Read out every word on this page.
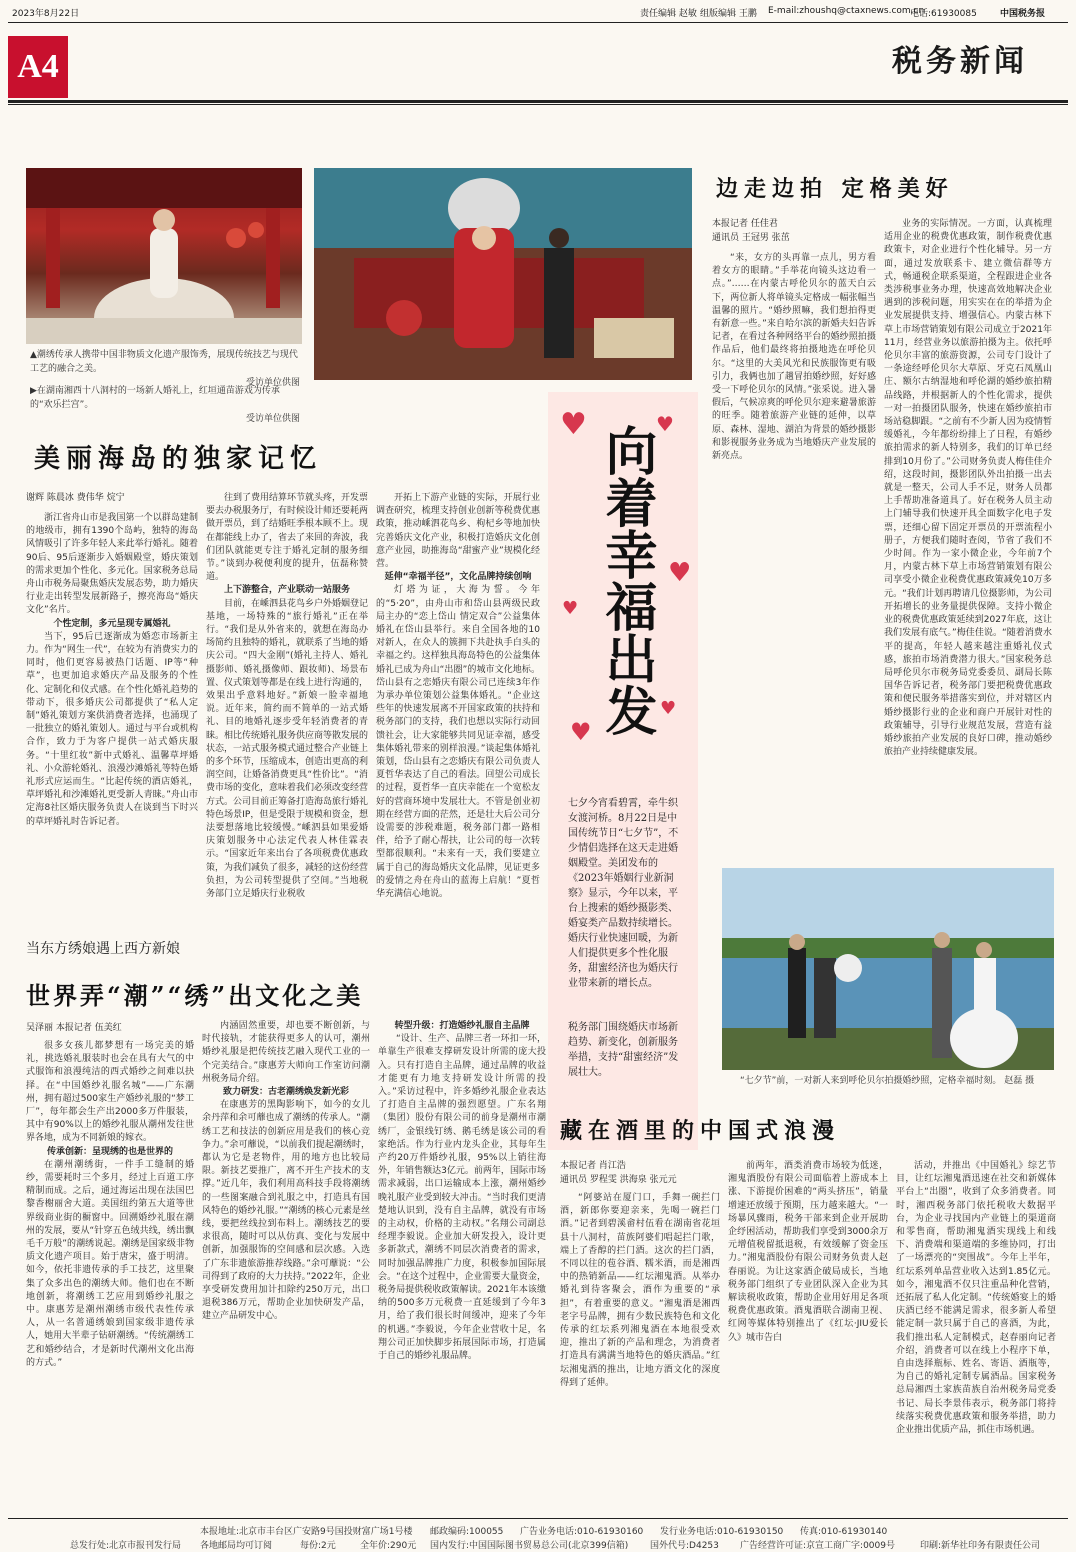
2023年8月22日	责任编辑 赵敏 组版编辑 王鹏 E-mail:zhoushq@ctaxnews.com.cn
电话:61930085	中国税务报
A4	税务新闻
▲潮绣传承人携带中国非物质文化遗产服饰秀，展现传统技艺与现代工艺的融合之美。

受访单位供图
▶在湖南湘西十八洞村的一场新人婚礼上，红垣通苗游戏为传承的“欢乐拦宫”。

受访单位供图
美丽海岛的独家记忆
谢辉 陈晨冰 费伟华 烷宁

浙江省舟山市是我国第一个以群岛建制的地级市，拥有1390个岛屿，独特的海岛风情吸引了许多年轻人来此举行婚礼。随着90后、95后逐渐步入婚姻殿堂，婚庆策划的需求更加个性化、多元化。国家税务总局舟山市税务局聚焦婚庆发展态势，助力婚庆行业走出转型发展新路子，擦亮海岛“婚庆文化”名片。

个性定制，多元呈现专属婚礼

当下，95后已逐渐成为婚恋市场新主力。作为“网生一代”，在较为有消费实力的同时，他们更容易被热门话题、IP等“种草”，也更加追求婚庆产品及服务的个性化、定制化和仪式感。在个性化婚礼趋势的带动下，很多婚庆公司都提供了“私人定制”婚礼策划方案供消费者选择，也涌现了一批独立的婚礼策划人。通过与平台或机构合作，致力于为客户提供一站式婚庆服务。“十里红妆”新中式婚礼、温馨草坪婚礼、小众游轮婚礼、浪漫沙滩婚礼等特色婚礼形式应运而生。“比起传统的酒店婚礼，草坪婚礼和沙滩婚礼更受新人青睐。”舟山市定海8社区婚庆服务负责人在谈到当下时兴的草坪婚礼时告诉记者。

往到了费用结算环节就头疼，开发票要去办税服务厅，有时候设计师还要耗两做开票员，到了结婚旺季根本顾不上。现在都能线上办了，省去了来回的奔波，我们团队就能更专注于婚礼定制的服务细节。”谈到办税便利度的提升，伍磊称赞道。

上下游整合，产业联动一站服务

目前，在嵊泗县花鸟乡户外婚姻登记基地，一场特殊的“旅行婚礼”正在举行。“我们是从外省来的，就想在海岛办场简约且独特的婚礼，就联系了当地的婚庆公司。“四大金刚”(婚礼主持人、婚礼摄影师、婚礼摄像师、跟妆师)、场景布置、仪式策划等都是在线上进行沟通的，效果出乎意料地好。”新娘一脸幸福地说。近年来，简约而不简单的一站式婚礼、目的地婚礼逐步受年轻消费者的青睐。相比传统婚礼服务供应商等散发展的状态，一站式服务模式通过整合产业链上的多个环节，压缩成本，创造出更高的利润空间，让婚备消费更具“性价比”。“消费市场的变化，意味着我们必须改变经营方式。公司目前正筹备打造海岛旅行婚礼特色场景IP，但是受限于规模和资金，想法要想落地比较缓慢。”嵊泗县如果爱婚庆策划服务中心法定代表人林佳霖表示。“国家近年来出台了各项税费优惠政策，为我们减负了很多，减轻的这份经营负担，为公司转型提供了空间。”当地税务部门立足婚庆行业税收

开拓上下游产业链的实际，开展行业调查研究，梳理支持创业创新等税费优惠政策，推动嵊泗花鸟乡、枸杞乡等地加快完善婚庆文化产业，积极打造婚庆文化创意产业园，助推海岛“甜蜜产业”规模化经营。

延伸“幸福半径”，文化品牌持续创响

灯塔为证，大海为誓。今年的“5·20”，由舟山市和岱山县两级民政局主办的“恋上岱山 情定双合”公益集体婚礼在岱山县举行。来自全国各地的10对新人，在众人的簇拥下共赴执手白头的幸福之约。这样独具海岛特色的公益集体婚礼已成为舟山“出圈”的城市文化地标。岱山县有之恋婚庆有限公司已连续3年作为承办单位策划公益集体婚礼。“企业这些年的快速发展离不开国家政策的扶持和税务部门的支持，我们也想以实际行动回馈社会，让大家能够共同见证幸福，感受集体婚礼带来的别样浪漫。”谈起集体婚礼策划，岱山县有之恋婚庆有限公司负责人夏哲华表达了自己的看法。回望公司成长的过程，夏哲华一直庆幸能在一个宽松友好的营商环境中发展壮大。不管是创业初期在经营方面的茫然，还是壮大后公司分设需要的涉税难题，税务部门都一路相伴，给予了耐心帮扶，让公司的每一次转型都很顺利。“未来有一天，我们要建立属于自己的海岛婚庆文化品牌，见证更多的爱情之舟在舟山的蓝海上启航！”夏哲华充满信心地说。

♥	♥
♥
♥
♥
♥
向着幸福出发
七夕今宵看碧霄，牵牛织女渡河桥。8月22日是中国传统节日“七夕节”，不少情侣选择在这天走进婚姻殿堂。美团发布的《2023年婚姻行业新洞察》显示，今年以来，平台上搜索的婚纱摄影类、婚宴类产品数持续增长。婚庆行业快速回暖，为新人们提供更多个性化服务，甜蜜经济也为婚庆行业带来新的增长点。
税务部门围绕婚庆市场新趋势、新变化，创新服务举措，支持“甜蜜经济”发展壮大。
边走边拍 定格美好
本报记者 任佳君
通讯员 王冠男 张茁

“来，女方的头再靠一点儿，男方看着女方的眼睛。”手举花向镜头这边看一点。”……在内蒙古呼伦贝尔的蓝天白云下，两位新人将单镜头定格成一幅张幅当温馨的照片。“婚纱照嘛，我们想拍得更有新意一些。”来自哈尔滨的新婚夫妇告诉记者，在看过各种网络平台的婚纱照拍摄作品后，他们最终将拍摄地选在呼伦贝尔。“这里的大美风光和民族服饰更有吸引力，我俩也加了趟冒拍婚纱照，好好感受一下呼伦贝尔的风情。”张采说。进入暑假后，气候凉爽的呼伦贝尔迎来避暑旅游的旺季。随着旅游产业链的延伸，以草原、森林、湿地、湖泊为背景的婚纱摄影和影视服务业务成为当地婚庆产业发展的新亮点。

业务的实际情况。一方面，认真梳理适用企业的税费优惠政策，制作税费优惠政策卡，对企业进行个性化辅导。另一方面，通过发放联系卡、建立微信群等方式，畅通税企联系渠道，全程跟进企业各类涉税事业务办理，快速高效地解决企业遇到的涉税问题，用实实在在的举措为企业发展提供支持、增强信心。内蒙古林下草上市场营销策划有限公司成立于2021年11月，经营业务以旅游拍摄为主。依托呼伦贝尔丰富的旅游资源，公司专门设计了一条途经呼伦贝尔大草原、牙克石凤凰山庄、额尔古纳湿地和呼伦湖的婚纱旅拍精品线路，并根据新人的个性化需求，提供一对一拍摄团队服务，快速在婚纱旅拍市场站稳脚跟。“之前有不少新人因为疫情暂缓婚礼，今年都纷纷排上了日程，有婚纱旅拍需求的新人特别多，我们的订单已经排到10月份了。”公司财务负责人梅佳佳介绍，这段时间，摄影团队外出拍摄一出去就是一整天，公司人手不足，财务人员都上手帮助准备道具了。好在税务人员主动上门辅导我们快速开具全面数字化电子发票，还细心留下固定开票员的开票流程小册子，方便我们随时查阅，节省了我们不少时间。作为一家小微企业，今年前7个月，内蒙古林下草上市场营销策划有限公司享受小微企业税费优惠政策减免10万多元。“我们计划再聘请几位摄影师，为公司开拓增长的业务量提供保障。支持小微企业的税费优惠政策延续到2027年底，这让我们发展有底气。”梅佳佳说。“随着消费水平的提高，年轻人越来越注重婚礼仪式感，旅拍市场消费潜力很大。”国家税务总局呼伦贝尔市税务局党委委员、副局长陈国华告诉记者，税务部门要把税费优惠政策和便民服务举措落实到位，并对辖区内婚纱摄影行业的企业和商户开展针对性的政策辅导，引导行业规范发展，营造有益婚纱旅拍产业发展的良好口碑，推动婚纱旅拍产业持续健康发展。

“七夕节”前，一对新人来到呼伦贝尔拍摄婚纱照，定格幸福时刻。 赵磊 摄
当东方绣娘遇上西方新娘
世界弄“潮”“绣”出文化之美
吴泽丽 本报记者 伍美红

很多女孩儿都梦想有一场完美的婚礼，挑选婚礼服装时也会在具有大气的中式服饰和浪漫纯洁的西式婚纱之间难以抉择。在“中国婚纱礼服名城”——广东潮州，拥有超过500家生产婚纱礼服的“梦工厂”，每年都会生产出2000多万件服装，其中有90%以上的婚纱礼服从潮州发往世界各地，成为不同新娘的嫁衣。

传承创新：呈现绣的也是世界的

在潮州潮绣街，一件手工缝制的婚纱，需要耗时三个多月，经过上百道工序精制而成。之后，通过海运出现在法国巴黎香榭丽舍大道。美国纽约第五大道等世界级商业街的橱窗中。回溯婚纱礼服在潮州的发展，要从“针穿五色绒共线，绣出飘毛千万般”的潮绣说起。潮绣是国家级非物质文化遗产项目。始于唐宋，盛于明清。如今，依托非遗传承的手工技艺，这里聚集了众多出色的潮绣大师。他们也在不断地创新，将潮绣工艺应用到婚纱礼服之中。康惠芳是潮州潮绣市级代表性传承人，从一名普通绣娘到国家级非遗传承人，她用大半辈子钻研潮绣。“传统潮绣工艺和婚纱结合，才是新时代潮州文化出海的方式。”

内涵固然重要，却也要不断创新，与时代接轨，才能获得更多人的认可，潮州婚纱礼服是把传统技艺融入现代工业的一个完美结合。”康惠芳大师向工作室访问潮州税务局介绍。

致力研发：古老潮绣焕发新光彩

在康惠芳的黑陶影响下，如今的女儿余丹萍和余可蘼也成了潮绣的传承人。“潮绣工艺和技法的创新应用是我们的核心竞争力。”余可蘼说，“以前我们提起潮绣时，都认为它是老物件，用的地方也比较局限。新技艺要推广，离不开生产技术的支撑。”近几年，我们利用高科技手段将潮绣的一些图案融合到礼服之中，打造具有国风特色的婚纱礼服。”“潮绣的核心元素是丝线，要把丝线拉到布料上。潮绣技艺的要求很高，随时可以从仿真、变化与发展中创新，加强服饰的空间感和层次感。入选了广东非遗旅游推荐线路。”余可蘼说：“公司得到了政府的大力扶持。”2022年，企业享受研发费用加计扣除约250万元，出口退税386万元，帮助企业加快研发产品，建立产品研发中心。

转型升级：打造婚纱礼服自主品牌

“设计、生产、品牌三者一环扣一环，单靠生产很难支撑研发设计所需的庞大投入。只有打造自主品牌，通过品牌的收益才能更有力地支持研发设计所需的投入。”采访过程中，许多婚纱礼服企业表达了打造自主品牌的强烈愿望。广东名翔（集团）股份有限公司的前身是潮州市潮绣厂，金银线钉绣、鹅毛绣是该公司的看家绝活。作为行业内龙头企业，其每年生产约20万件婚纱礼服，95%以上销往海外，年销售额达3亿元。前两年，国际市场需求减弱，出口运输成本上涨，潮州婚纱晚礼服产业受到较大冲击。“当时我们更清楚地认识到，没有自主品牌，就没有市场的主动权，价格的主动权。”名翔公司副总经理李毅说。企业加大研发投入，设计更多新款式，潮绣不同层次消费者的需求，同时加强品牌推广力度，积极参加国际展会。“在这个过程中，企业需要大量资金，税务局提供税收政策解读。2021年本该缴纳的500多万元税费一直延缓到了今年3月，给了我们很长时间缓冲，迎来了今年的机遇。”李毅说，今年企业营收十足，名翔公司正加快脚步拓展国际市场，打造属于自己的婚纱礼服品牌。

藏在酒里的中国式浪漫
本报记者 肖江浩
通讯员 罗程雯 洪海泉 张元元

“阿婆站在厦门口，手舞一碗拦门酒，新郎你要迎亲来，先喝一碗拦门酒。”记者到碧溪畲村伍看在湖南省花垣县十八洞村，苗族阿婆们唱起拦门歌，端上了香醇的拦门酒。这次的拦门酒，不同以往的苞谷酒、糯米酒，而是湘西中的热销新品——红坛湘鬼酒。从举办婚礼到待客聚会，酒作为重要的“承担”，有着重要的意义。“湘鬼酒是湘西老字号品牌，拥有少数民族特色和文化传承的红坛系列湘鬼酒在本地很受欢迎，推出了新的产品和理念，为消费者打造具有满满当地特色的婚庆酒品。”红坛湘鬼酒的推出，让地方酒文化的深度得到了延伸。

前两年，酒类消费市场较为低迷，湘鬼酒股份有限公司面临着上游成本上涨、下游提价困难的“两头挤压”，销量增速还放缓于预期，压力越来越大。“一场暴风骤雨，税务干部来到企业开展助企纾困活动，帮助我们享受到3000余万元增值税留抵退税，有效缓解了资金压力。”湘鬼酒股份有限公司财务负责人赵春丽说。为让这家酒企破局成长，当地税务部门组织了专业团队深入企业为其解读税收政策，帮助企业用好用足各项税费优惠政策。酒鬼酒联合湖南卫视、红网等媒体特别推出了《红坛·JIU爱长久》城市告白

活动，并推出《中国婚礼》综艺节目，让红坛湘鬼酒迅速在社交和新媒体平台上“出圈”，收到了众多消费者。同时，湘西税务部门依托税收大数据平台，为企业寻找国内产业链上的渠道商和零售商，帮助湘鬼酒实现线上和线下、消费端和渠道端的多维协同，打出了一场漂亮的“突围战”。今年上半年，红坛系列单品营业收入达到1.85亿元。如今，湘鬼酒不仅只注重品种化营销，还拓展了私人化定制。“传统婚宴上的婚庆酒已经不能满足需求，很多新人希望能定制一款只属于自己的喜酒，为此，我们推出私人定制模式，赵春丽向记者介绍，消费者可以在线上小程序下单，自由选择瓶标、姓名、寄语、酒瓶等，为自己的婚礼定制专属酒品。国家税务总局湘西土家族苗族自治州税务局党委书记、局长李景伟表示，税务部门将持续落实税费优惠政策和服务举措，助力企业推出优质产品，抓住市场机遇。

本报地址:北京市丰台区广安路9号国投财富广场1号楼 邮政编码:100055 广告业务电话:010-61930160 发行业务电话:010-61930150 传真:010-61930140
总发行处:北京市报刊发行局 各地邮局均可订阅	每份:2元	全年价:290元 国内发行:中国国际图书贸易总公司(北京399信箱) 国外代号:D4253 广告经营许可证:京宣工商广字:0009号	印刷:新华社印务有限责任公司
